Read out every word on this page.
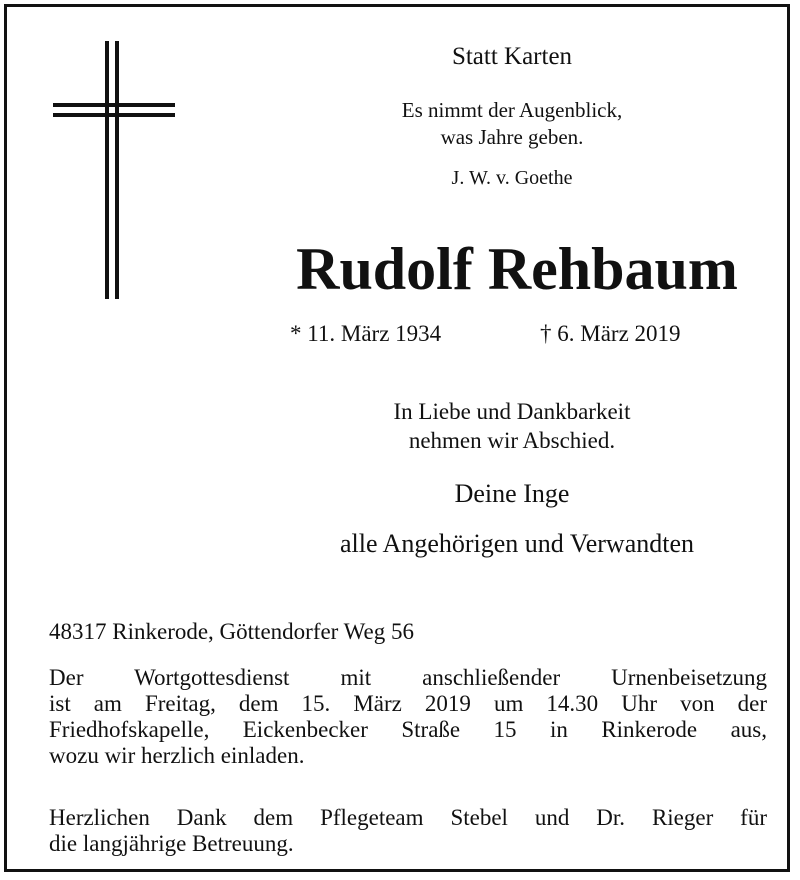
Statt Karten
Es nimmt der Augenblick,
was Jahre geben.
J. W. v. Goethe
Rudolf Rehbaum
* 11. März 1934	† 6. März 2019
In Liebe und Dankbarkeit
nehmen wir Abschied.
Deine Inge
alle Angehörigen und Verwandten
48317 Rinkerode, Göttendorfer Weg 56
Der Wortgottesdienst mit anschließender Urnenbeisetzung
ist am Freitag, dem 15. März 2019 um 14.30 Uhr von der
Friedhofskapelle, Eickenbecker Straße 15 in Rinkerode aus,
wozu wir herzlich einladen.
Herzlichen Dank dem Pflegeteam Stebel und Dr. Rieger für
die langjährige Betreuung.
